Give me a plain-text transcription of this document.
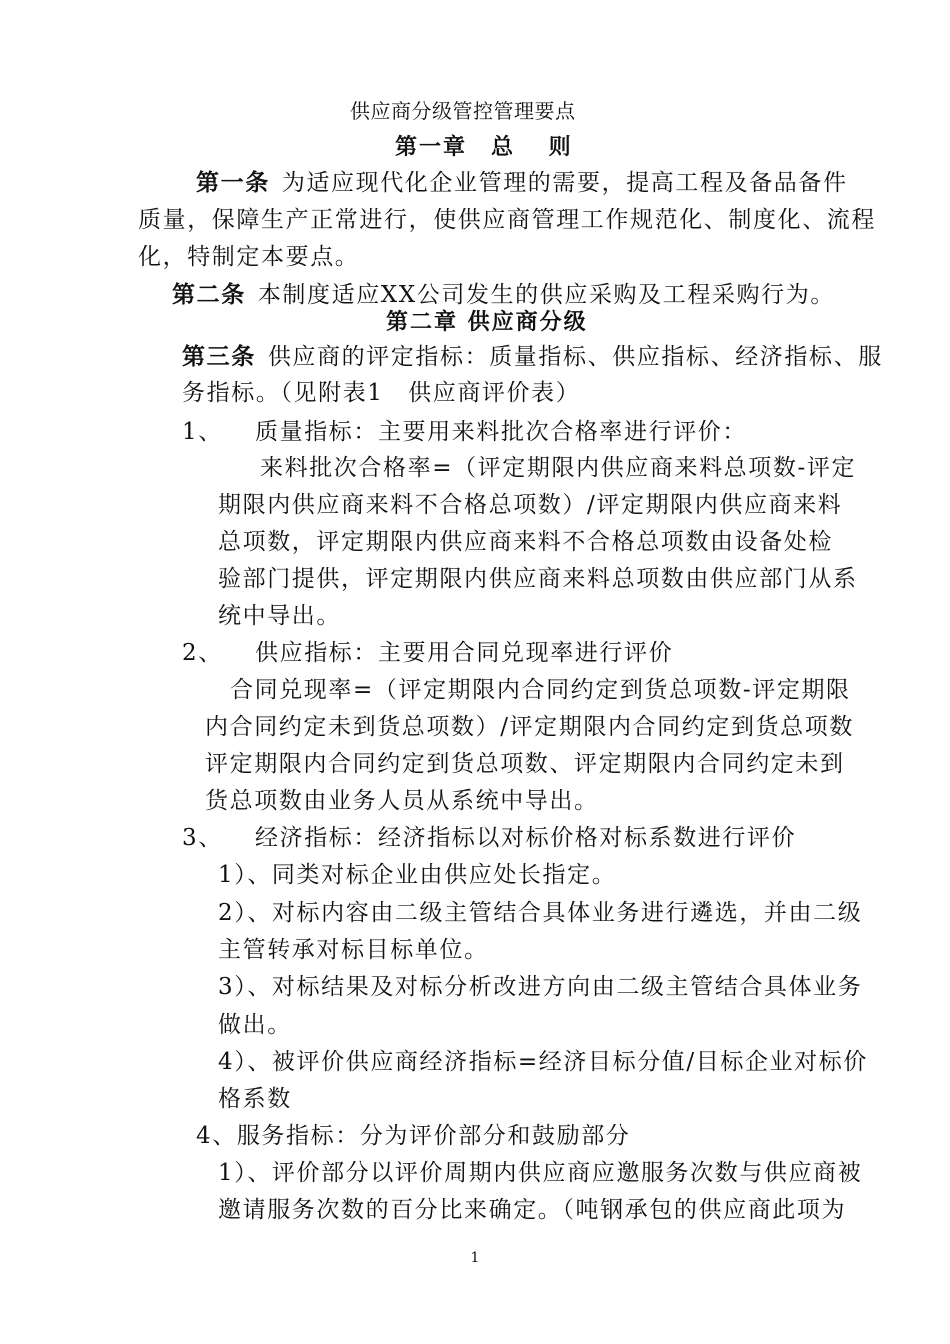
供应商分级管控管理要点
第一章　总　 则
第一条 为适应现代化企业管理的需要，提高工程及备品备件
质量，保障生产正常进行，使供应商管理工作规范化、制度化、流程
化，特制定本要点。
第二条 本制度适应XX公司发生的供应采购及工程采购行为。
第二章 供应商分级
第三条 供应商的评定指标：质量指标、供应指标、经济指标、服
务指标。（见附表1　供应商评价表）
1、 质量指标：主要用来料批次合格率进行评价：
来料批次合格率=（评定期限内供应商来料总项数-评定
期限内供应商来料不合格总项数）/评定期限内供应商来料
总项数，评定期限内供应商来料不合格总项数由设备处检
验部门提供，评定期限内供应商来料总项数由供应部门从系
统中导出。
2、 供应指标：主要用合同兑现率进行评价
合同兑现率=（评定期限内合同约定到货总项数-评定期限
内合同约定未到货总项数）/评定期限内合同约定到货总项数
评定期限内合同约定到货总项数、评定期限内合同约定未到
货总项数由业务人员从系统中导出。
3、 经济指标：经济指标以对标价格对标系数进行评价
1）、同类对标企业由供应处长指定。
2）、对标内容由二级主管结合具体业务进行遴选，并由二级
主管转承对标目标单位。
3）、对标结果及对标分析改进方向由二级主管结合具体业务
做出。
4）、被评价供应商经济指标=经济目标分值/目标企业对标价
格系数
4、服务指标：分为评价部分和鼓励部分
1）、评价部分以评价周期内供应商应邀服务次数与供应商被
邀请服务次数的百分比来确定。（吨钢承包的供应商此项为
1
